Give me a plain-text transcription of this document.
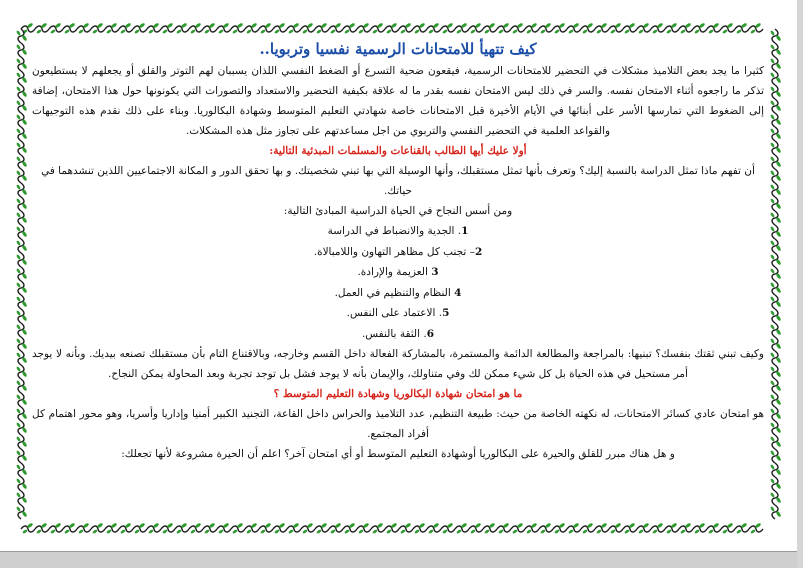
كيف تتهيأ للامتحانات الرسمية نفسيا وتربويا..

كثيرا ما يجد بعض التلاميذ مشكلات في التحضير للامتحانات الرسمية، فيقعون ضحية التسرع أو الضغط النفسي اللذان يسببان لهم التوتر والقلق أو يجعلهم لا يستطيعون تذكر ما راجعوه أثناء الامتحان نفسه. والسر في ذلك ليس الامتحان نفسه بقدر ما له علاقة بكيفية التحضير والاستعداد والتصورات التي يكونونها حول هذا الامتحان، إضافة إلى الضغوط التي تمارسها الأسر على أبنائها في الأيام الأخيرة قبل الامتحانات خاصة شهادتي التعليم المتوسط وشهادة البكالوريا. وبناء على ذلك نقدم هذه التوجيهات والقواعد العلمية في التحضير النفسي والتربوي من اجل مساعدتهم على تجاوز مثل هذه المشكلات.

أولا عليك أيها الطالب بالقناعات والمسلمات المبدئية التالية:

أن تفهم ماذا تمثل الدراسة بالنسبة إليك؟ وتعرف بأنها تمثل مستقبلك، وأنها الوسيلة التي بها تبني شخصيتك. و بها تحقق الدور و المكانة الاجتماعيين اللذين تنشدهما في حياتك.

ومن أسس النجاح في الحياة الدراسية المبادئ التالية:

1. الجدية والانضباط في الدراسة

2– تجنب كل مظاهر التهاون واللامبالاة.

3 العزيمة والإرادة.

4 النظام والتنظيم في العمل.

5. الاعتماد على النفس.

6. الثقة بالنفس.

وكيف تبني ثقتك بنفسك؟ تبنيها: بالمراجعة والمطالعة الدائمة والمستمرة، بالمشاركة الفعالة داخل القسم وخارجه، وبالاقتناع التام بأن مستقبلك تصنعه بيديك. وبأنه لا يوجد أمر مستحيل في هذه الحياة بل كل شيء ممكن لك وفي متناولك، والإيمان بأنه لا يوجد فشل بل توجد تجربة وبعد المحاولة يمكن النجاح.

ما هو امتحان شهادة البكالوريا وشهادة التعليم المتوسط ؟

هو امتحان عادي كسائر الامتحانات، له نكهته الخاصة من حيث: طبيعة التنظيم، عدد التلاميذ والحراس داخل القاعة، التجنيد الكبير أمنيا وإداريا وأسريا، وهو محور اهتمام كل أفراد المجتمع.

و هل هناك مبرر للقلق والحيرة على البكالوريا أوشهادة التعليم المتوسط أو أي امتحان آخر؟ اعلم أن الحيرة مشروعة لأنها تجعلك:
